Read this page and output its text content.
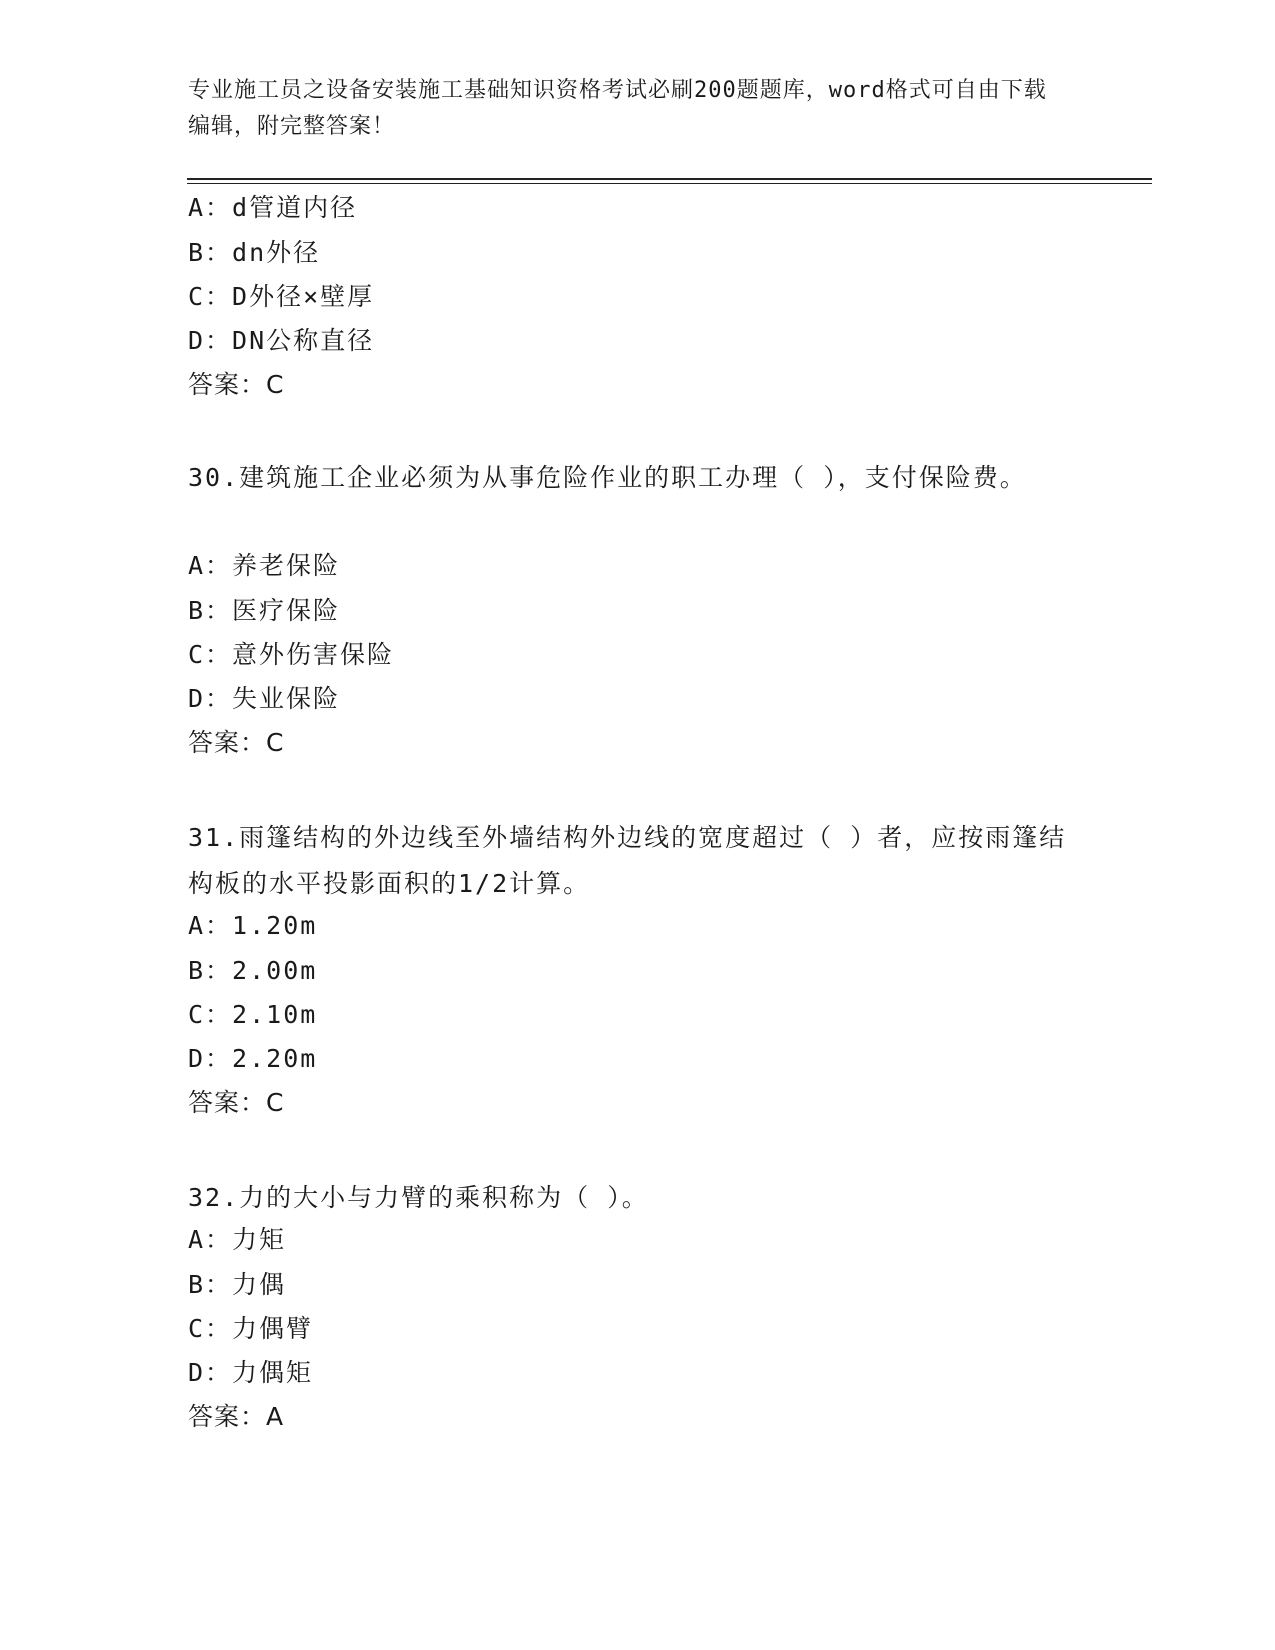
专业施工员之设备安装施工基础知识资格考试必刷200题题库，word格式可自由下载编辑，附完整答案！

A：d管道内径

B：dn外径

C：D外径×壁厚

D：DN公称直径

答案：C

30.建筑施工企业必须为从事危险作业的职工办理（ ），支付保险费。

A：养老保险

B：医疗保险

C：意外伤害保险

D：失业保险

答案：C

31.雨篷结构的外边线至外墙结构外边线的宽度超过（ ）者，应按雨篷结构板的水平投影面积的1/2计算。

A：1.20m

B：2.00m

C：2.10m

D：2.20m

答案：C

32.力的大小与力臂的乘积称为（ ）。

A：力矩

B：力偶

C：力偶臂

D：力偶矩

答案：A
